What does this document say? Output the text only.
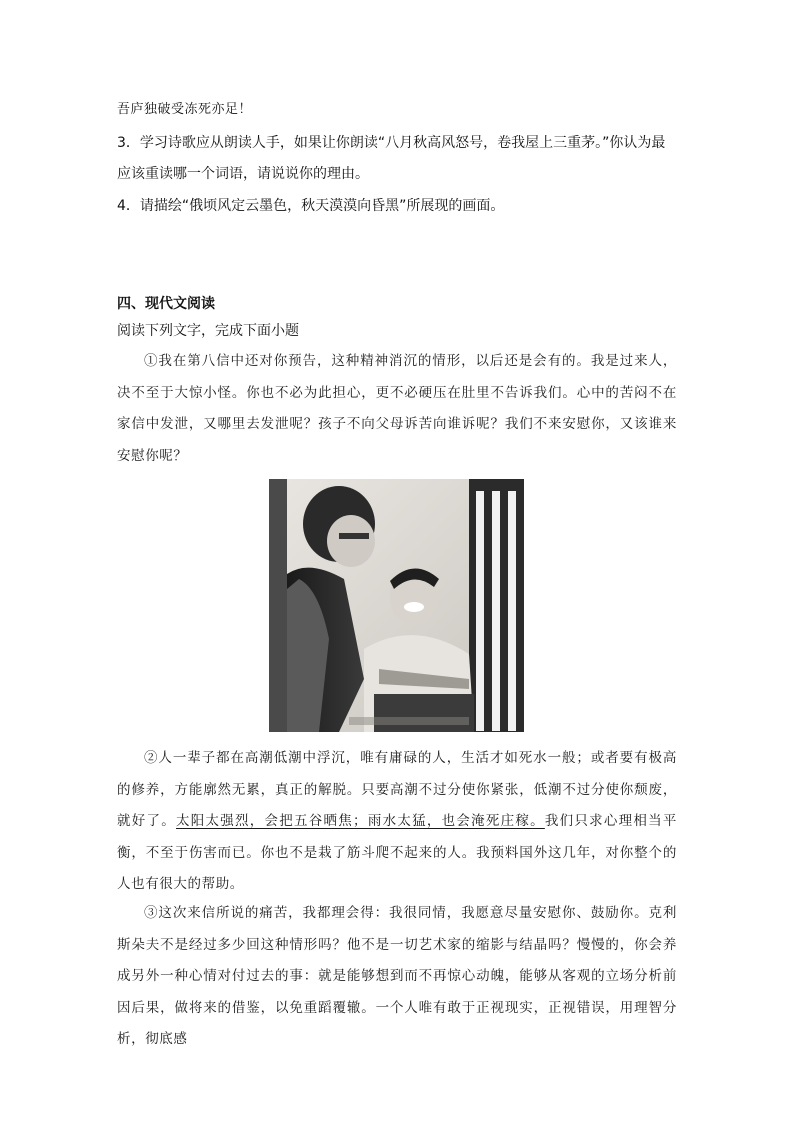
吾庐独破受冻死亦足！
3．学习诗歌应从朗读人手，如果让你朗读“八月秋高风怒号，卷我屋上三重茅。”你认为最
应该重读哪一个词语，请说说你的理由。
4．请描绘“俄顷风定云墨色，秋天漠漠向昏黑”所展现的画面。
四、现代文阅读
阅读下列文字，完成下面小题
①我在第八信中还对你预告，这种精神消沉的情形，以后还是会有的。我是过来人，决不至于大惊小怪。你也不必为此担心，更不必硬压在肚里不告诉我们。心中的苦闷不在家信中发泄，又哪里去发泄呢？孩子不向父母诉苦向谁诉呢？我们不来安慰你，又该谁来安慰你呢？
②人一辈子都在高潮低潮中浮沉，唯有庸碌的人，生活才如死水一般；或者要有极高的修养，方能廓然无累，真正的解脱。只要高潮不过分使你紧张，低潮不过分使你颓废，就好了。太阳太强烈，会把五谷晒焦；雨水太猛，也会淹死庄稼。我们只求心理相当平衡，不至于伤害而已。你也不是栽了筋斗爬不起来的人。我预料国外这几年，对你整个的人也有很大的帮助。
③这次来信所说的痛苦，我都理会得：我很同情，我愿意尽量安慰你、鼓励你。克利斯朵夫不是经过多少回这种情形吗？他不是一切艺术家的缩影与结晶吗？慢慢的，你会养成另外一种心情对付过去的事：就是能够想到而不再惊心动魄，能够从客观的立场分析前因后果，做将来的借鉴，以免重蹈覆辙。一个人唯有敢于正视现实，正视错误，用理智分析，彻底感
